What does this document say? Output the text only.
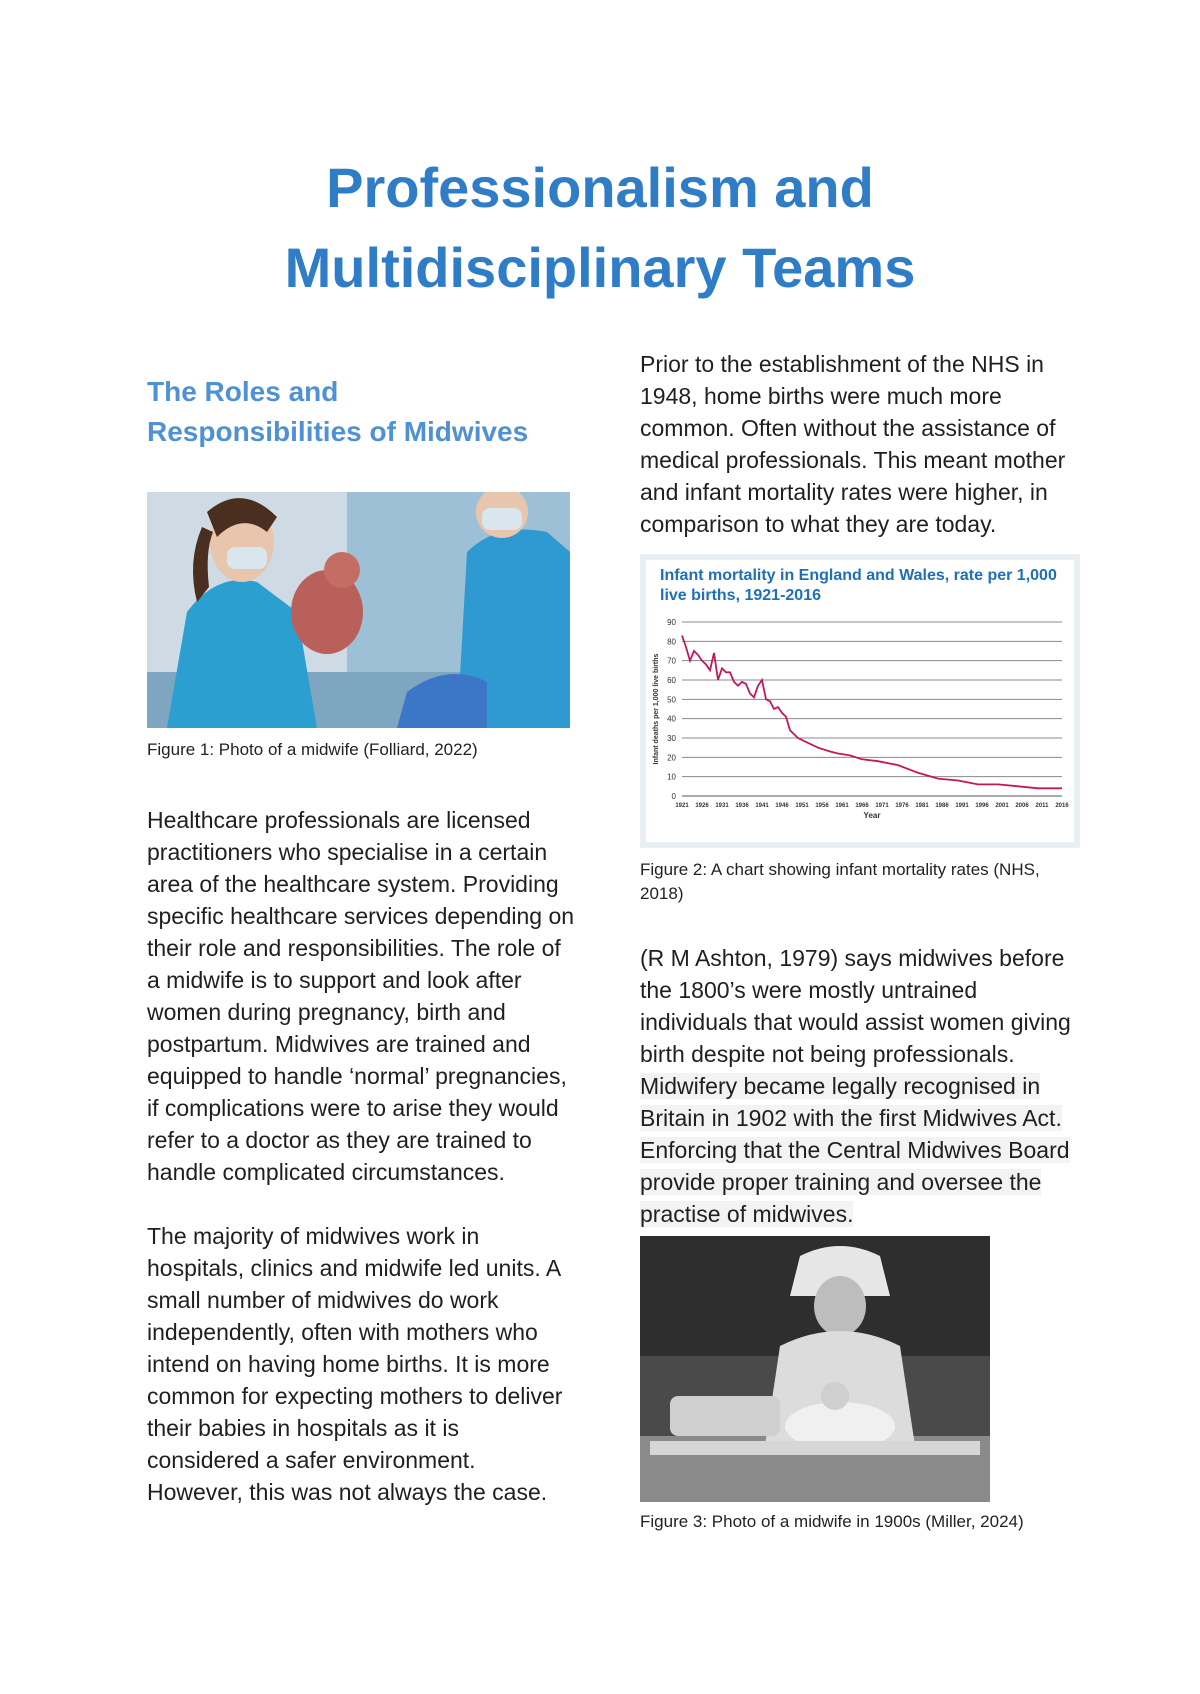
Professionalism and
Multidisciplinary Teams
The Roles and
Responsibilities of Midwives

Figure 1: Photo of a midwife (Folliard, 2022)

Healthcare professionals are licensed practitioners who specialise in a certain area of the healthcare system. Providing specific healthcare services depending on their role and responsibilities. The role of a midwife is to support and look after women during pregnancy, birth and postpartum. Midwives are trained and equipped to handle ‘normal’ pregnancies, if complications were to arise they would refer to a doctor as they are trained to handle complicated circumstances.

The majority of midwives work in hospitals, clinics and midwife led units. A small number of midwives do work independently, often with mothers who intend on having home births. It is more common for expecting mothers to deliver their babies in hospitals as it is considered a safer environment. However, this was not always the case.

Prior to the establishment of the NHS in 1948, home births were much more common. Often without the assistance of medical professionals. This meant mother and infant mortality rates were higher, in comparison to what they are today.

Infant mortality in England and Wales, rate per 1,000 live births, 1921-2016
0
10
20
30
40
50
60
70
80
90
1921 1926 1931 1936 1941 1946 1951 1956 1961 1966 1971 1976 1981 1986 1991 1996 2001 2006 2011 2016
Year
Infant deaths per 1,000 live births

Figure 2: A chart showing infant mortality rates (NHS, 2018)

(R M Ashton, 1979) says midwives before the 1800’s were mostly untrained individuals that would assist women giving birth despite not being professionals. Midwifery became legally recognised in Britain in 1902 with the first Midwives Act. Enforcing that the Central Midwives Board provide proper training and oversee the practise of midwives.

Figure 3: Photo of a midwife in 1900s (Miller, 2024)
